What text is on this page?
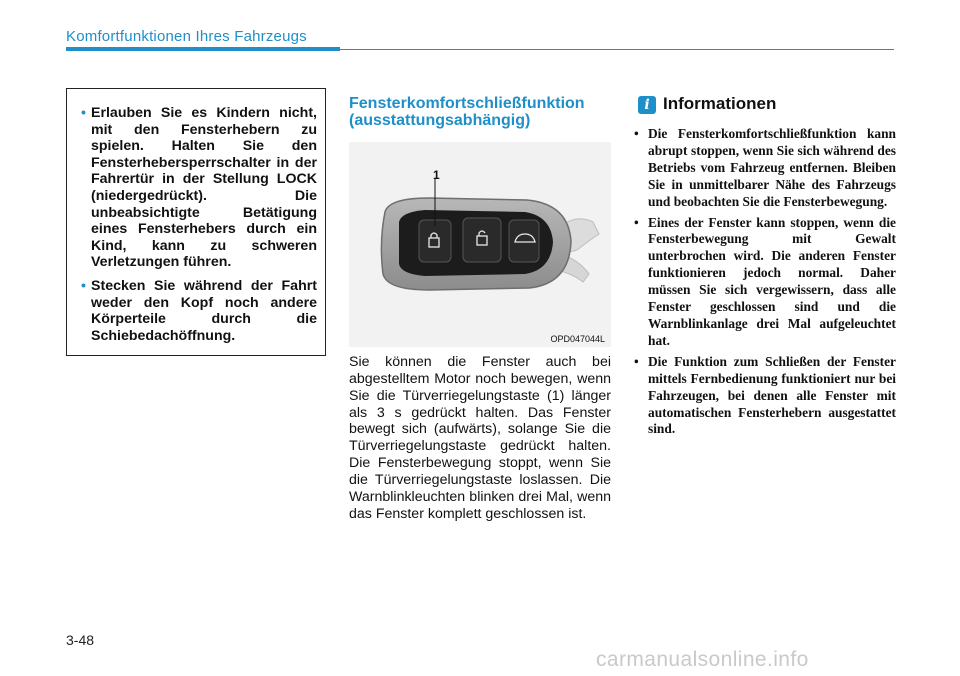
Komfortfunktionen Ihres Fahrzeugs
• Erlauben Sie es Kindern nicht, mit den Fensterhebern zu spielen. Halten Sie den Fensterhebersperrschalter in der Fahrertür in der Stellung LOCK (niedergedrückt). Die unbeabsichtigte Betätigung eines Fensterhebers durch ein Kind, kann zu schweren Verletzungen führen.
• Stecken Sie während der Fahrt weder den Kopf noch andere Körperteile durch die Schiebedachöffnung.
Fensterkomfortschließfunktion (ausstattungsabhängig)
1
OPD047044L
Sie können die Fenster auch bei abgestelltem Motor noch bewegen, wenn Sie die Türverriegelungstaste (1) länger als 3 s gedrückt halten. Das Fenster bewegt sich (aufwärts), solange Sie die Türverriegelungstaste gedrückt halten. Die Fensterbewegung stoppt, wenn Sie die Türverriegelungstaste loslassen. Die Warnblinkleuchten blinken drei Mal, wenn das Fenster komplett geschlossen ist.
i Informationen
• Die Fensterkomfortschließfunktion kann abrupt stoppen, wenn Sie sich während des Betriebs vom Fahrzeug entfernen. Bleiben Sie in unmittelbarer Nähe des Fahrzeugs und beobachten Sie die Fensterbewegung.
• Eines der Fenster kann stoppen, wenn die Fensterbewegung mit Gewalt unterbrochen wird. Die anderen Fenster funktionieren jedoch normal. Daher müssen Sie sich vergewissern, dass alle Fenster geschlossen sind und die Warnblinkanlage drei Mal aufgeleuchtet hat.
• Die Funktion zum Schließen der Fenster mittels Fernbedienung funktioniert nur bei Fahrzeugen, bei denen alle Fenster mit automatischen Fensterhebern ausgestattet sind.
3-48
carmanualsonline.info
